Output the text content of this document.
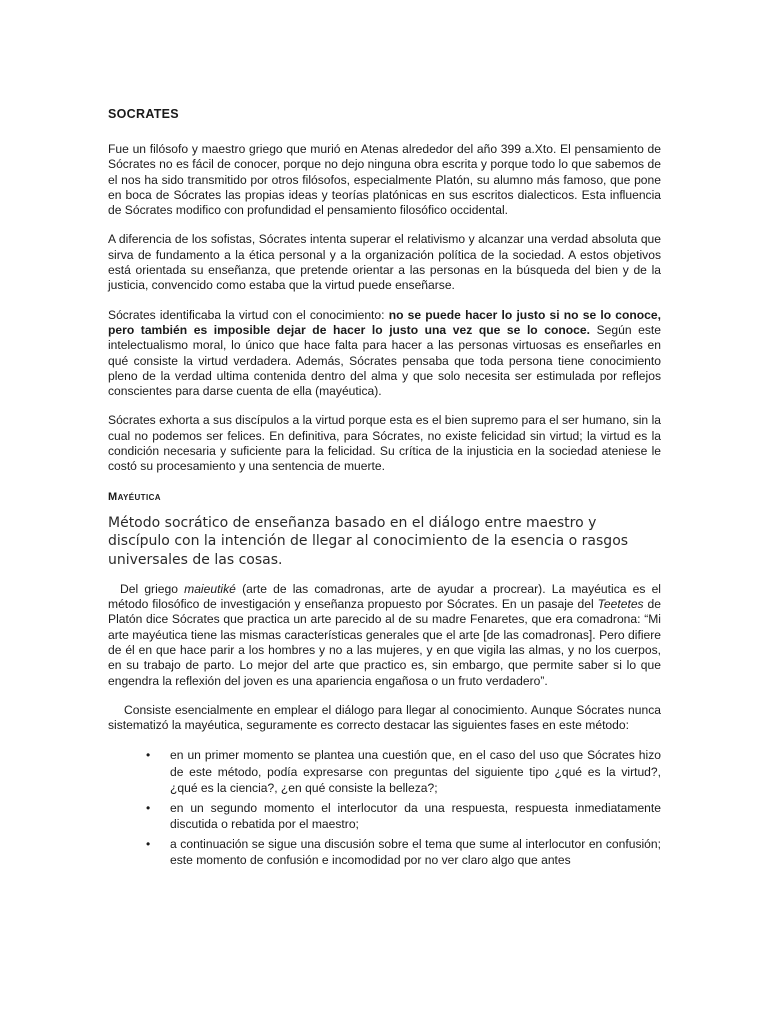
SOCRATES

Fue un filósofo y maestro griego que murió en Atenas alrededor del año 399 a.Xto. El pensamiento de Sócrates no es fácil de conocer, porque no dejo ninguna obra escrita y porque todo lo que sabemos de el nos ha sido transmitido por otros filósofos, especialmente Platón, su alumno más famoso, que pone en boca de Sócrates las propias ideas y teorías platónicas en sus escritos dialecticos. Esta influencia de Sócrates modifico con profundidad el pensamiento filosófico occidental.

A diferencia de los sofistas, Sócrates intenta superar el relativismo y alcanzar una verdad absoluta que sirva de fundamento a la ética personal y a la organización política de la sociedad. A estos objetivos está orientada su enseñanza, que pretende orientar a las personas en la búsqueda del bien y de la justicia, convencido como estaba que la virtud puede enseñarse.

Sócrates identificaba la virtud con el conocimiento: no se puede hacer lo justo si no se lo conoce, pero también es imposible dejar de hacer lo justo una vez que se lo conoce. Según este intelectualismo moral, lo único que hace falta para hacer a las personas virtuosas es enseñarles en qué consiste la virtud verdadera. Además, Sócrates pensaba que toda persona tiene conocimiento pleno de la verdad ultima contenida dentro del alma y que solo necesita ser estimulada por reflejos conscientes para darse cuenta de ella (mayéutica).

Sócrates exhorta a sus discípulos a la virtud porque esta es el bien supremo para el ser humano, sin la cual no podemos ser felices. En definitiva, para Sócrates, no existe felicidad sin virtud; la virtud es la condición necesaria y suficiente para la felicidad. Su crítica de la injusticia en la sociedad ateniese le costó su procesamiento y una sentencia de muerte.

Mayéutica
Método socrático de enseñanza basado en el diálogo entre maestro y discípulo con la intención de llegar al conocimiento de la esencia o rasgos universales de las cosas.

Del griego maieutiké (arte de las comadronas, arte de ayudar a procrear). La mayéutica es el método filosófico de investigación y enseñanza propuesto por Sócrates. En un pasaje del Teetetes de Platón dice Sócrates que practica un arte parecido al de su madre Fenaretes, que era comadrona: “Mi arte mayéutica tiene las mismas características generales que el arte [de las comadronas]. Pero difiere de él en que hace parir a los hombres y no a las mujeres, y en que vigila las almas, y no los cuerpos, en su trabajo de parto. Lo mejor del arte que practico es, sin embargo, que permite saber si lo que engendra la reflexión del joven es una apariencia engañosa o un fruto verdadero”.

Consiste esencialmente en emplear el diálogo para llegar al conocimiento. Aunque Sócrates nunca sistematizó la mayéutica, seguramente es correcto destacar las siguientes fases en este método:

• en un primer momento se plantea una cuestión que, en el caso del uso que Sócrates hizo de este método, podía expresarse con preguntas del siguiente tipo ¿qué es la virtud?, ¿qué es la ciencia?, ¿en qué consiste la belleza?;
• en un segundo momento el interlocutor da una respuesta, respuesta inmediatamente discutida o rebatida por el maestro;
• a continuación se sigue una discusión sobre el tema que sume al interlocutor en confusión; este momento de confusión e incomodidad por no ver claro algo que antes
